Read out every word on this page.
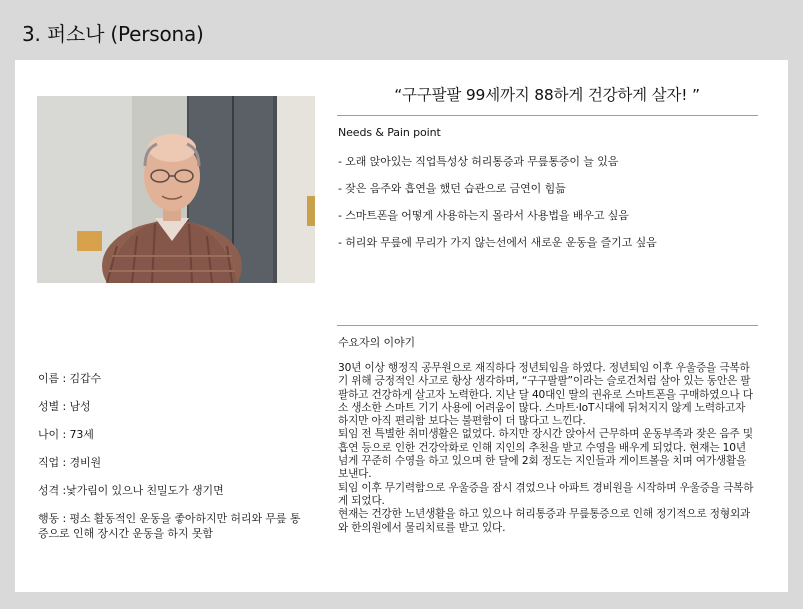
3. 퍼소나 (Persona)
“구구팔팔 99세까지 88하게 건강하게 살자! ”
Needs & Pain point
- 오래 앉아있는 직업특성상 허리통증과 무릎통증이 늘 있음
- 잦은 음주와 흡연을 했던 습관으로 금연이 힘듦
- 스마트폰을 어떻게 사용하는지 몰라서 사용법을 배우고 싶음
- 허리와 무릎에 무리가 가지 않는선에서 새로운 운동을 즐기고 싶음
수요자의 이야기

30년 이상 행정직 공무원으로 재직하다 정년퇴임을 하였다. 정년퇴임 이후 우울증을 극복하기 위해 긍정적인 사고로 항상 생각하며, “구구팔팔”이라는 슬로건처럼 살아 있는 동안은 팔팔하고 건강하게 살고자 노력한다. 지난 달 40대인 딸의 권유로 스마트폰을 구매하였으나 다소 생소한 스마트 기기 사용에 어려움이 많다. 스마트·IoT시대에 뒤처지지 않게 노력하고자 하지만 아직 편리함 보다는 불편함이 더 많다고 느낀다.

퇴임 전 특별한 취미생활은 없었다. 하지만 장시간 앉아서 근무하며 운동부족과 잦은 음주 및 흡연 등으로 인한 건강악화로 인해 지인의 추천을 받고 수영을 배우게 되었다. 현재는 10년 넘게 꾸준히 수영을 하고 있으며 한 달에 2회 정도는 지인들과 게이트볼을 치며 여가생활을 보낸다.

퇴임 이후 무기력함으로 우울증을 잠시 겪었으나 아파트 경비원을 시작하며 우울증을 극복하게 되었다.

현재는 건강한 노년생활을 하고 있으나 허리통증과 무릎통증으로 인해 정기적으로 정형외과와 한의원에서 물리치료를 받고 있다.

이름 : 김갑수
성별 : 남성
나이 : 73세
직업 : 경비원
성격 :낯가림이 있으나 친밀도가 생기면
행동 : 평소 활동적인 운동을 좋아하지만 허리와 무릎 통증으로 인해 장시간 운동을 하지 못함
